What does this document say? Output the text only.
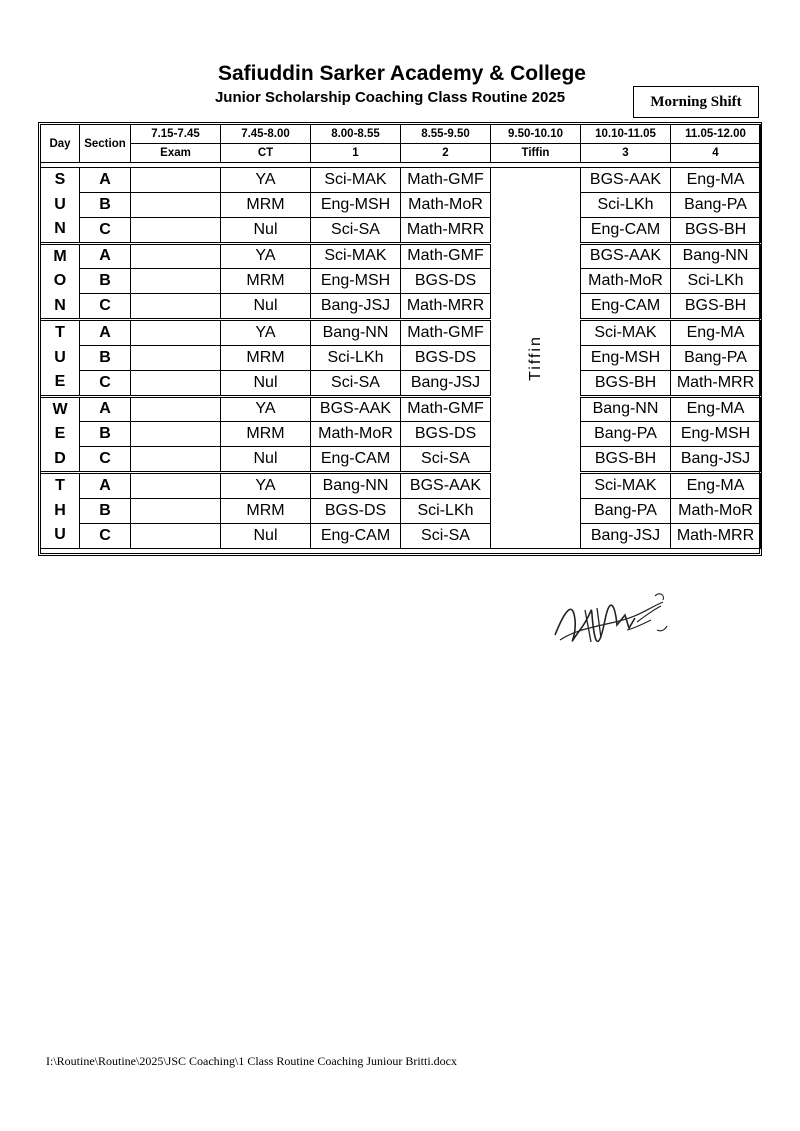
Safiuddin Sarker Academy & College
Junior Scholarship Coaching Class Routine 2025	Morning Shift
Day	Section	7.15-7.45	7.45-8.00	8.00-8.55	8.55-9.50	9.50-10.10	10.10-11.05	11.05-12.00
		Exam	CT	1	2	Tiffin	3	4

S
U
N	A		YA	Sci-MAK	Math-GMF	Tiffin	BGS-AAK	Eng-MA
	B		MRM	Eng-MSH	Math-MoR		Sci-LKh	Bang-PA
	C		Nul	Sci-SA	Math-MRR		Eng-CAM	BGS-BH

M
O
N	A		YA	Sci-MAK	Math-GMF		BGS-AAK	Bang-NN
	B		MRM	Eng-MSH	BGS-DS		Math-MoR	Sci-LKh
	C		Nul	Bang-JSJ	Math-MRR		Eng-CAM	BGS-BH

T
U
E	A		YA	Bang-NN	Math-GMF		Sci-MAK	Eng-MA
	B		MRM	Sci-LKh	BGS-DS		Eng-MSH	Bang-PA
	C		Nul	Sci-SA	Bang-JSJ		BGS-BH	Math-MRR

W
E
D	A		YA	BGS-AAK	Math-GMF		Bang-NN	Eng-MA
	B		MRM	Math-MoR	BGS-DS		Bang-PA	Eng-MSH
	C		Nul	Eng-CAM	Sci-SA		BGS-BH	Bang-JSJ

T
H
U	A		YA	Bang-NN	BGS-AAK		Sci-MAK	Eng-MA
	B		MRM	BGS-DS	Sci-LKh		Bang-PA	Math-MoR
	C		Nul	Eng-CAM	Sci-SA		Bang-JSJ	Math-MRR
I:\Routine\Routine\2025\JSC Coaching\1 Class Routine Coaching Juniour Britti.docx
